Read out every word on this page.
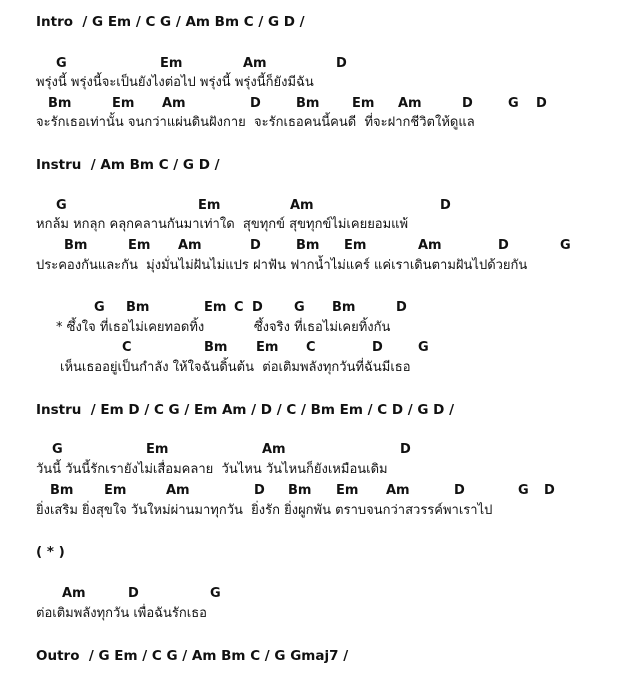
Intro  / G Em / C G / Am Bm C / G D /
G	Em	Am	D
พรุ่งนี้ พรุ่งนี้จะเป็นยังไงต่อไป พรุ่งนี้ พรุ่งนี้ก็ยังมีฉัน
Bm	Em Am	D	Bm	Em Am	D	G D
จะรักเธอเท่านั้น จนกว่าแผ่นดินฝังกาย  จะรักเธอคนนี้คนดี  ที่จะฝากชีวิตให้ดูแล
Instru  / Am Bm C / G D /
G	Em	Am	D
หกล้ม หกลุก คลุกคลานกันมาเท่าใด  สุขทุกข์ สุขทุกข์ไม่เคยยอมแพ้
Bm	Em Am	D	Bm Em	Am	D	G
ประคองกันและกัน  มุ่งมั่นไม่ฝันไม่แปร ฝาฟัน ฟากน้ำไม่แคร์ แค่เราเดินตามฝันไปด้วยกัน
G Bm	Em C D G Bm	D
* ซึ้งใจ ที่เธอไม่เคยทอดทิ้ง            ซึ้งจริง ที่เธอไม่เคยทิ้งกัน
C	Bm Em C	D	G
เห็นเธออยู่เป็นกำลัง ให้ใจฉันดิ้นต้น  ต่อเติมพลังทุกวันที่ฉันมีเธอ
Instru  / Em D / C G / Em Am / D / C / Bm Em / C D / G D /
G	Em	Am	D
วันนี้ วันนี้รักเรายังไม่เสื่อมคลาย  วันไหน วันไหนก็ยังเหมือนเดิม
Bm Em	Am	D Bm Em Am	D	G D
ยิ่งเสริม ยิ่งสุขใจ วันใหม่ผ่านมาทุกวัน  ยิ่งรัก ยิ่งผูกพัน ตราบจนกว่าสวรรค์พาเราไป
( * )
Am	D	G
ต่อเติมพลังทุกวัน เพื่อฉันรักเธอ
Outro  / G Em / C G / Am Bm C / G Gmaj7 /
